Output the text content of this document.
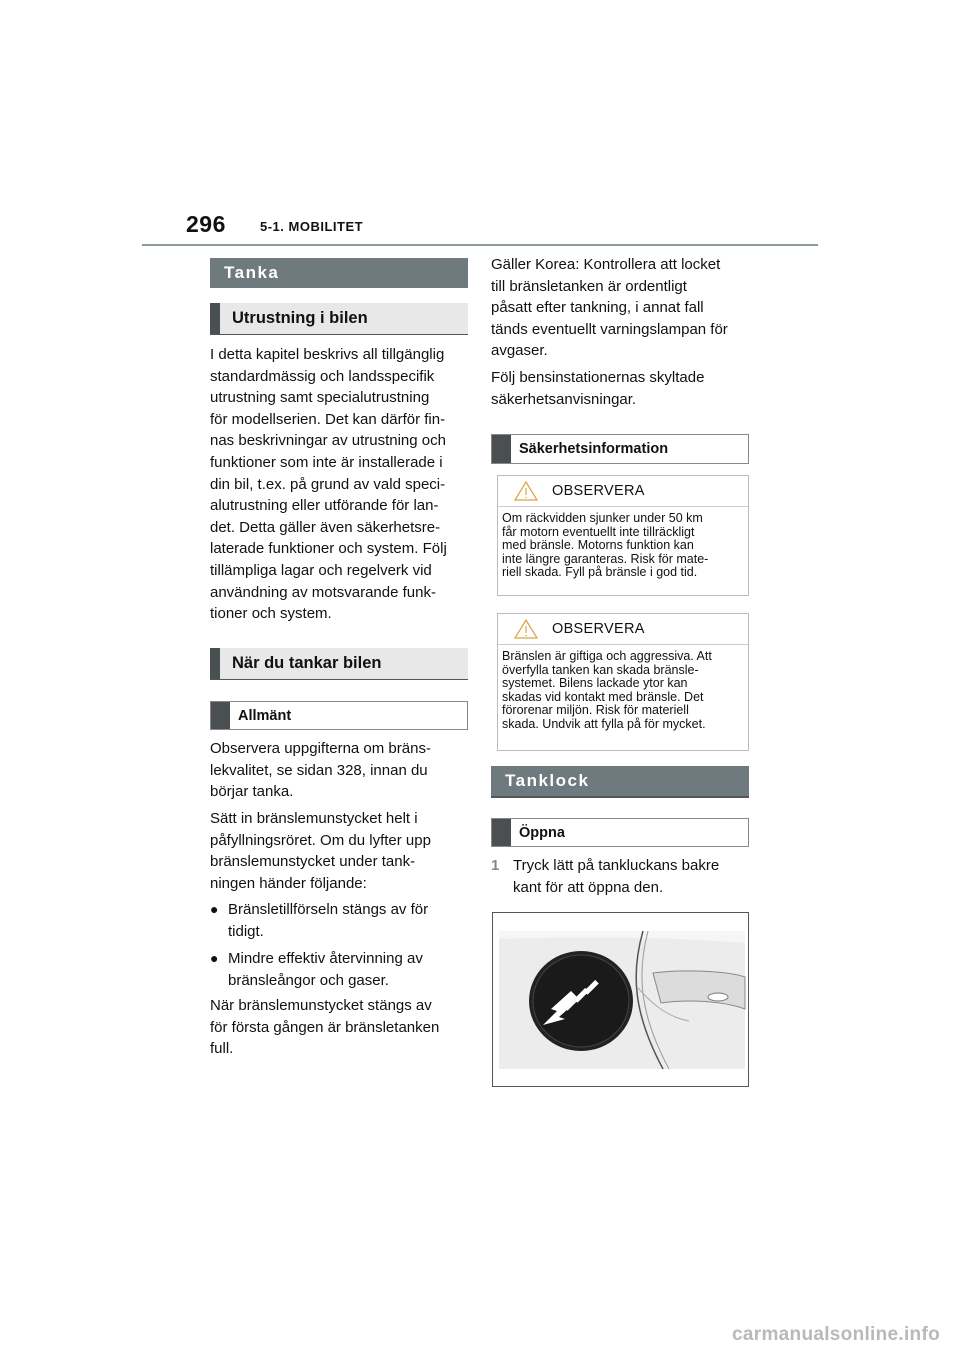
296	5-1. MOBILITET
Tanka
Utrustning i bilen
I detta kapitel beskrivs all tillgänglig
standardmässig och landsspecifik
utrustning samt specialutrustning
för modellserien. Det kan därför fin-
nas beskrivningar av utrustning och
funktioner som inte är installerade i
din bil, t.ex. på grund av vald speci-
alutrustning eller utförande för lan-
det. Detta gäller även säkerhetsre-
laterade funktioner och system. Följ
tillämpliga lagar och regelverk vid
användning av motsvarande funk-
tioner och system.
När du tankar bilen
Allmänt
Observera uppgifterna om bräns-
lekvalitet, se sidan 328, innan du
börjar tanka.
Sätt in bränslemunstycket helt i
påfyllningsröret. Om du lyfter upp
bränslemunstycket under tank-
ningen händer följande:
● Bränsletillförseln stängs av för
tidigt.
● Mindre effektiv återvinning av
bränsleångor och gaser.
När bränslemunstycket stängs av
för första gången är bränsletanken
full.
Gäller Korea: Kontrollera att locket
till bränsletanken är ordentligt
påsatt efter tankning, i annat fall
tänds eventuellt varningslampan för
avgaser.
Följ bensinstationernas skyltade
säkerhetsanvisningar.
Säkerhetsinformation
OBSERVERA
Om räckvidden sjunker under 50 km
får motorn eventuellt inte tillräckligt
med bränsle. Motorns funktion kan
inte längre garanteras. Risk för mate-
riell skada. Fyll på bränsle i god tid.
OBSERVERA
Bränslen är giftiga och aggressiva. Att
överfylla tanken kan skada bränsle-
systemet. Bilens lackade ytor kan
skadas vid kontakt med bränsle. Det
förorenar miljön. Risk för materiell
skada. Undvik att fylla på för mycket.
Tanklock
Öppna
1 Tryck lätt på tankluckans bakre
kant för att öppna den.
carmanualsonline.info
